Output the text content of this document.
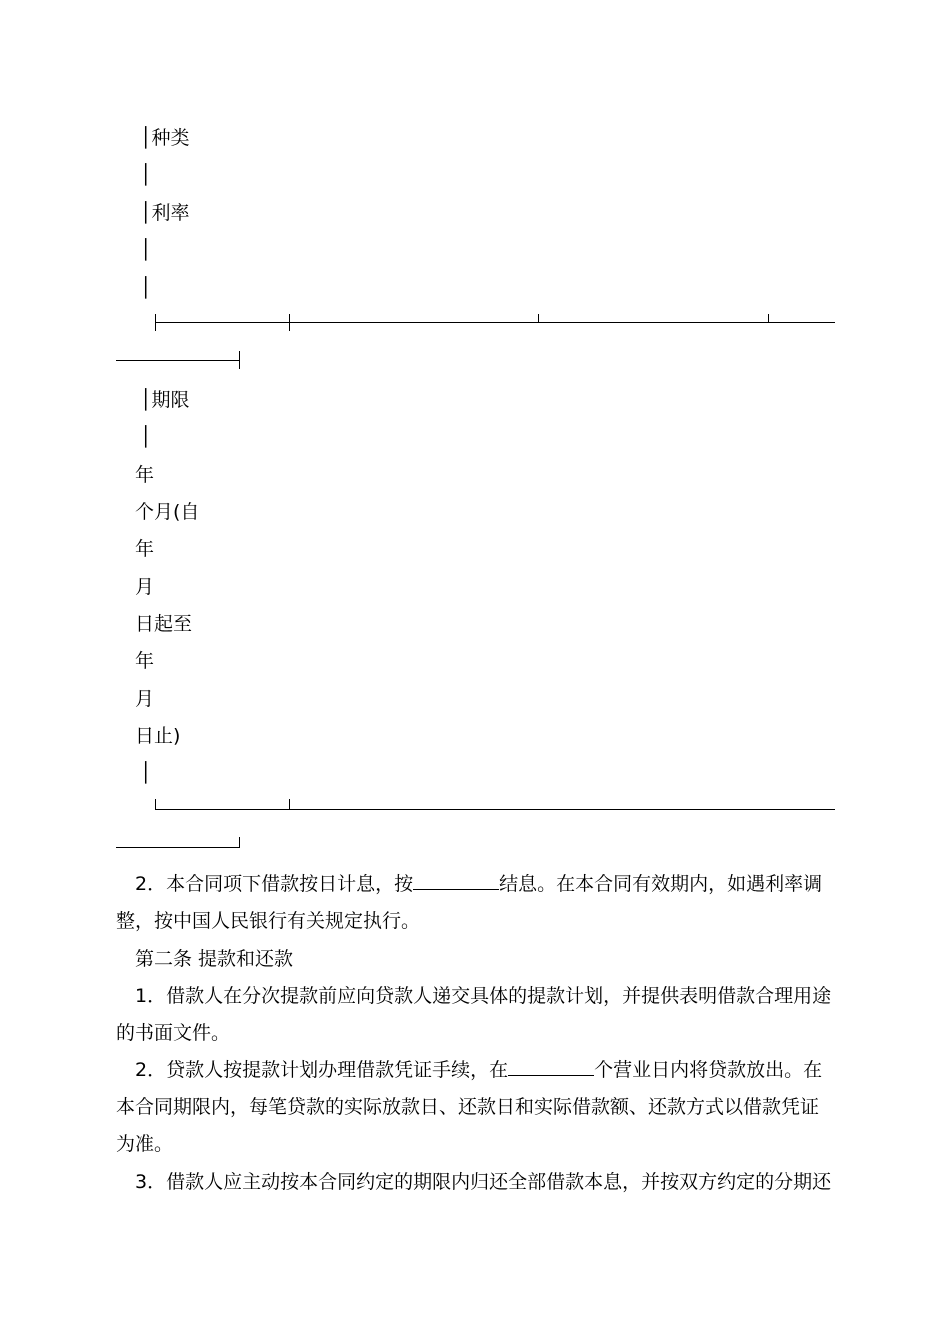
│种类
│
│利率
│
│
│期限
│
年
个月(自
年
月
日起至
年
月
日止)
│
2．本合同项下借款按日计息，按	结息。在本合同有效期内，如遇利率调
整，按中国人民银行有关规定执行。
第二条 提款和还款
1．借款人在分次提款前应向贷款人递交具体的提款计划，并提供表明借款合理用途
的书面文件。
2．贷款人按提款计划办理借款凭证手续，在	个营业日内将贷款放出。在
本合同期限内，每笔贷款的实际放款日、还款日和实际借款额、还款方式以借款凭证
为准。
3．借款人应主动按本合同约定的期限内归还全部借款本息，并按双方约定的分期还
